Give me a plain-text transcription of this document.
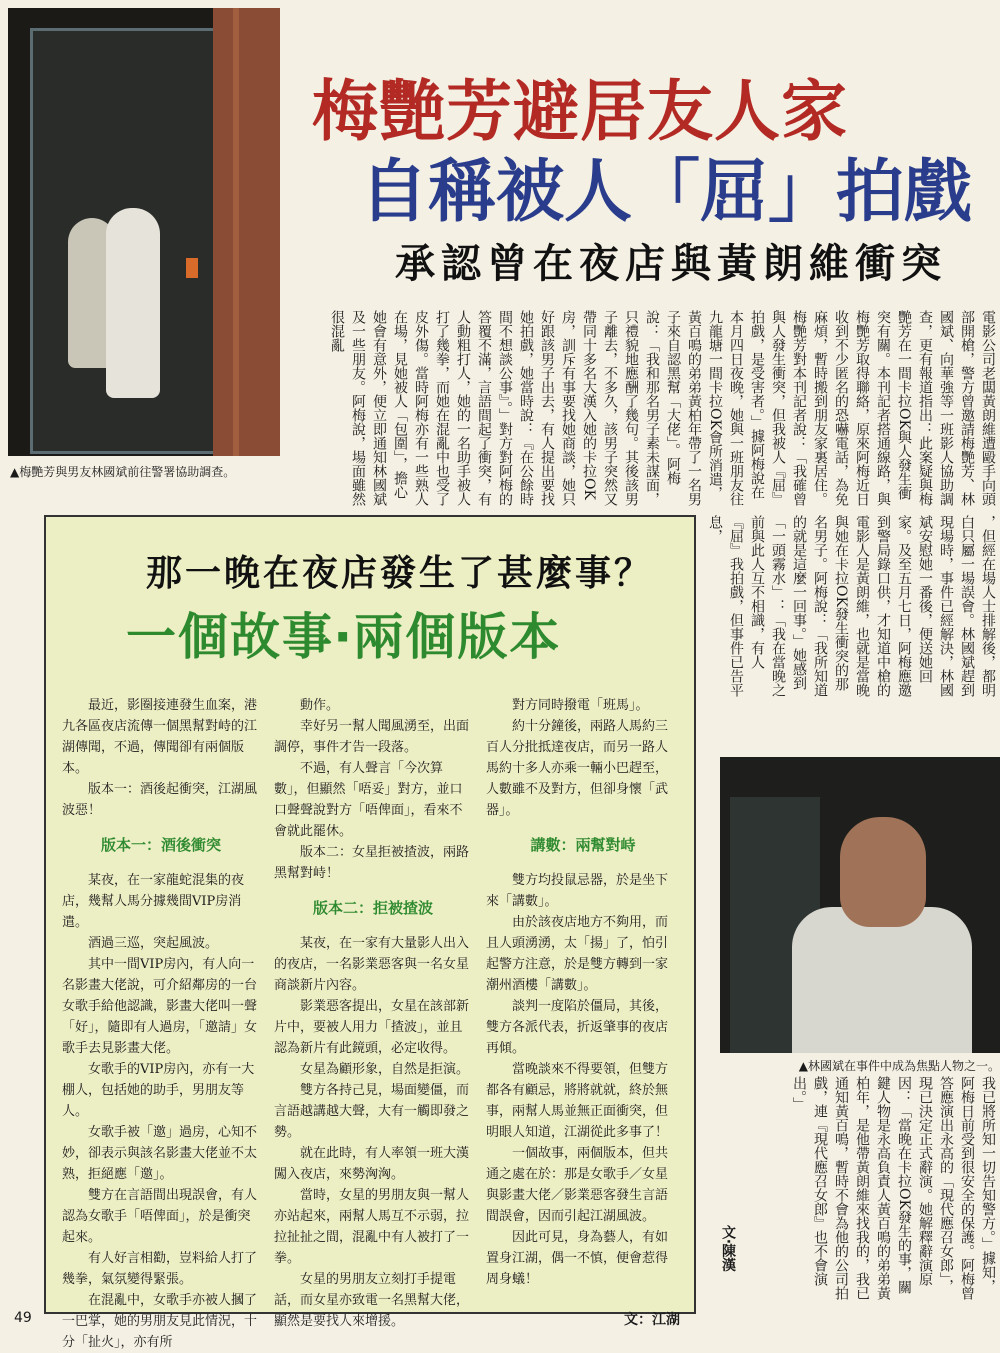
▲梅艷芳與男友林國斌前往警署協助調查。
梅艷芳避居友人家
自稱被人「屈」拍戲
承認曾在夜店與黃朗維衝突
電影公司老闆黃朗維遭毆手向頭部開槍，警方曾邀請梅艷芳、林國斌、向華強等一班影人協助調查，更有報道指出：此案疑與梅艷芳在一間卡拉OK與人發生衝突有關。本刊記者搭通線路，與梅艷芳取得聯絡，原來阿梅近日收到不少匿名的恐嚇電話，為免麻煩，暫時搬到朋友家裏居住。梅艷芳對本刊記者說：「我確曾與人發生衝突，但我被人『屈』拍戲，是受害者。」據阿梅說在本月四日夜晚，她與一班朋友往九龍塘一間卡拉OK會所消遣，黃百鳴的弟弟黃柏年帶了一名男子來自認黑幫「大佬」。阿梅說：「我和那名男子素未謀面，只禮貌地應酬了幾句。其後該男子離去，不多久，該男子突然又帶同十多名大漢入她的卡拉OK房，訓斥有事要找她商談，她只好跟該男子出去，有人提出要找她拍戲，她當時說：『在公餘時間不想談公事』。」對方對阿梅的答覆不滿，言語間起了衝突，有人動粗打人，她的一名助手被人打了幾拳，而她在混亂中也受了皮外傷。當時阿梅亦有一些熟人在場，見她被人「包圍」，擔心她會有意外，便立即通知林國斌及一些朋友。阿梅說，場面雖然很混亂
，但經在場人士排解後，都明白只屬一場誤會。林國斌趕到現場時，事件已經解決，林國斌安慰她一番後，便送她回家。及至五月七日，阿梅應邀到警局錄口供，才知道中槍的電影人是黃朗維，也就是當晚與她在卡拉OK發生衝突的那名男子。阿梅說：「我所知道的就是這麼一回事。」她感到「一頭霧水」：「我在當晚之前與此人互不相識，有人『屈』我拍戲，但事件已告平息，
那一晚在夜店發生了甚麼事？
一個故事‧兩個版本

最近，影圈接連發生血案，港九各區夜店流傳一個黑幫對峙的江湖傳聞，不過，傳聞卻有兩個版本。

版本一：酒後起衝突，江湖風波惡！

版本一：酒後衝突

某夜，在一家龍蛇混集的夜店，幾幫人馬分據幾間VIP房消遣。

酒過三巡，突起風波。

其中一間VIP房內，有人向一名影畫大佬說，可介紹鄰房的一台女歌手給他認識，影畫大佬叫一聲「好」，隨即有人過房，「邀請」女歌手去見影畫大佬。

女歌手的VIP房內，亦有一大棚人，包括她的助手，男朋友等人。

女歌手被「邀」過房，心知不妙，卻表示與該名影畫大佬並不太熟，拒絕應「邀」。

雙方在言語間出現誤會，有人認為女歌手「唔俾面」，於是衝突起來。

有人好言相勸，豈料給人打了幾拳，氣氛變得緊張。

在混亂中，女歌手亦被人摑了一巴掌，她的男朋友見此情況，十分「扯火」，亦有所

動作。

幸好另一幫人聞風湧至，出面調停，事件才告一段落。

不過，有人聲言「今次算數」，但顯然「唔妥」對方，並口口聲聲說對方「唔俾面」，看來不會就此罷休。

版本二：女星拒被揸波，兩路黑幫對峙！

版本二：拒被揸波

某夜，在一家有大量影人出入的夜店，一名影業惡客與一名女星商談新片內容。

影業惡客提出，女星在該部新片中，要被人用力「揸波」，並且認為新片有此鏡頭，必定收得。

女星為顧形象，自然是拒演。

雙方各持己見，場面變僵，而言語越講越大聲，大有一觸即發之勢。

就在此時，有人率領一班大漢闖入夜店，來勢洶洶。

當時，女星的男朋友與一幫人亦站起來，兩幫人馬互不示弱，拉拉扯扯之間，混亂中有人被打了一拳。

女星的男朋友立刻打手提電話，而女星亦致電一名黑幫大佬，顯然是要找人來增援。

對方同時撥電「班馬」。

約十分鐘後，兩路人馬約三百人分批抵達夜店，而另一路人馬約十多人亦乘一輛小巴趕至，人數雖不及對方，但卻身懷「武器」。

講數：兩幫對峙

雙方均投鼠忌器，於是坐下來「講數」。

由於該夜店地方不夠用，而且人頭湧湧，太「揚」了，怕引起警方注意，於是雙方轉到一家潮州酒樓「講數」。

談判一度陷於僵局，其後，雙方各派代表，折返肇事的夜店再傾。

當晚談來不得要領，但雙方都各有顧忌，將將就就，終於無事，兩幫人馬並無正面衝突，但明眼人知道，江湖從此多事了！

一個故事，兩個版本，但共通之處在於：那是女歌手／女星與影畫大佬／影業惡客發生言語間誤會，因而引起江湖風波。

因此可見，身為藝人，有如置身江湖，偶一不慎，便會惹得周身蟻！

文：江湖
▲林國斌在事件中成為焦點人物之一。
我已將所知一切告知警方。」據知，阿梅日前受到很安全的保護。阿梅曾答應演出永高的「現代應召女郎」，現已決定正式辭演。她解釋辭演原因：「當晚在卡拉OK發生的事，關鍵人物是永高負責人黃百鳴的弟弟黃柏年，是他帶黃朗維來找我的，我已通知黃百鳴，暫時不會為他的公司拍戲，連『現代應召女郎』也不會演出。」
文‧陳漢
49
